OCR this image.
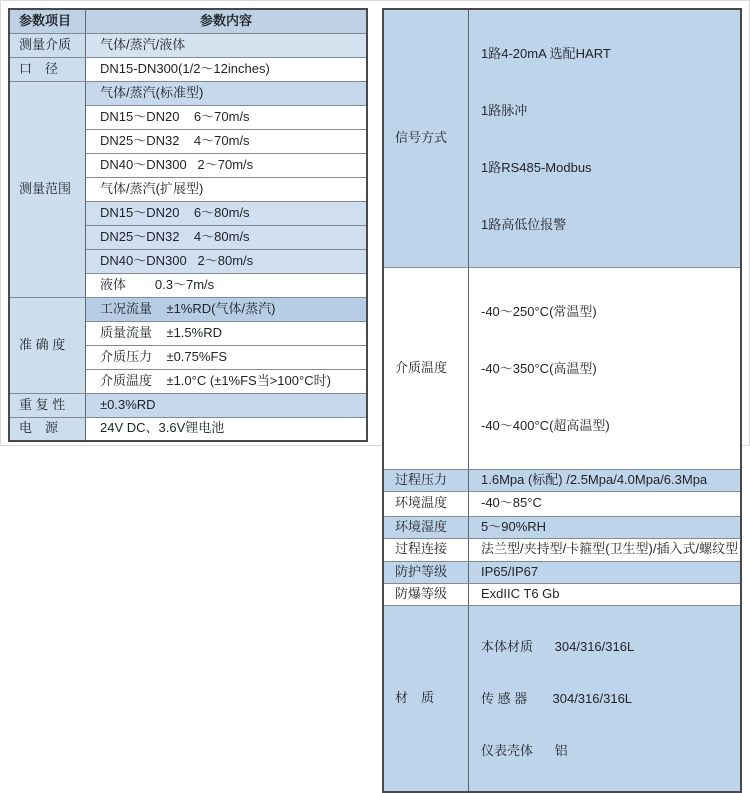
参数项目	参数内容
测量介质	气体/蒸汽/液体
口　径	DN15-DN300(1/2～12inches)
测量范围	气体/蒸汽(标准型)
	DN15～DN20    6～70m/s
	DN25～DN32    4～70m/s
	DN40～DN300   2～70m/s
	气体/蒸汽(扩展型)
	DN15～DN20    6～80m/s
	DN25～DN32    4～80m/s
	DN40～DN300   2～80m/s
	液体        0.3～7m/s
准 确 度	工况流量    ±1%RD(气体/蒸汽)
	质量流量    ±1.5%RD
	介质压力    ±0.75%FS
	介质温度    ±1.0°C (±1%FS当>100°C时)
重 复 性	±0.3%RD
电　源	24V DC、3.6V锂电池
信号方式	1路4-20mA 选配HART

1路脉冲

1路RS485-Modbus

1路高低位报警

介质温度	-40～250°C(常温型)

-40～350°C(高温型)

-40～400°C(超高温型)

过程压力	1.6Mpa (标配) /2.5Mpa/4.0Mpa/6.3Mpa
环境温度	-40～85°C
环境湿度	5～90%RH
过程连接	法兰型/夹持型/卡箍型(卫生型)/插入式/螺纹型
防护等级	IP65/IP67
防爆等级	ExdIIC T6 Gb
材　质	本体材质      304/316/316L

传 感 器       304/316/316L

仪表壳体      铝
